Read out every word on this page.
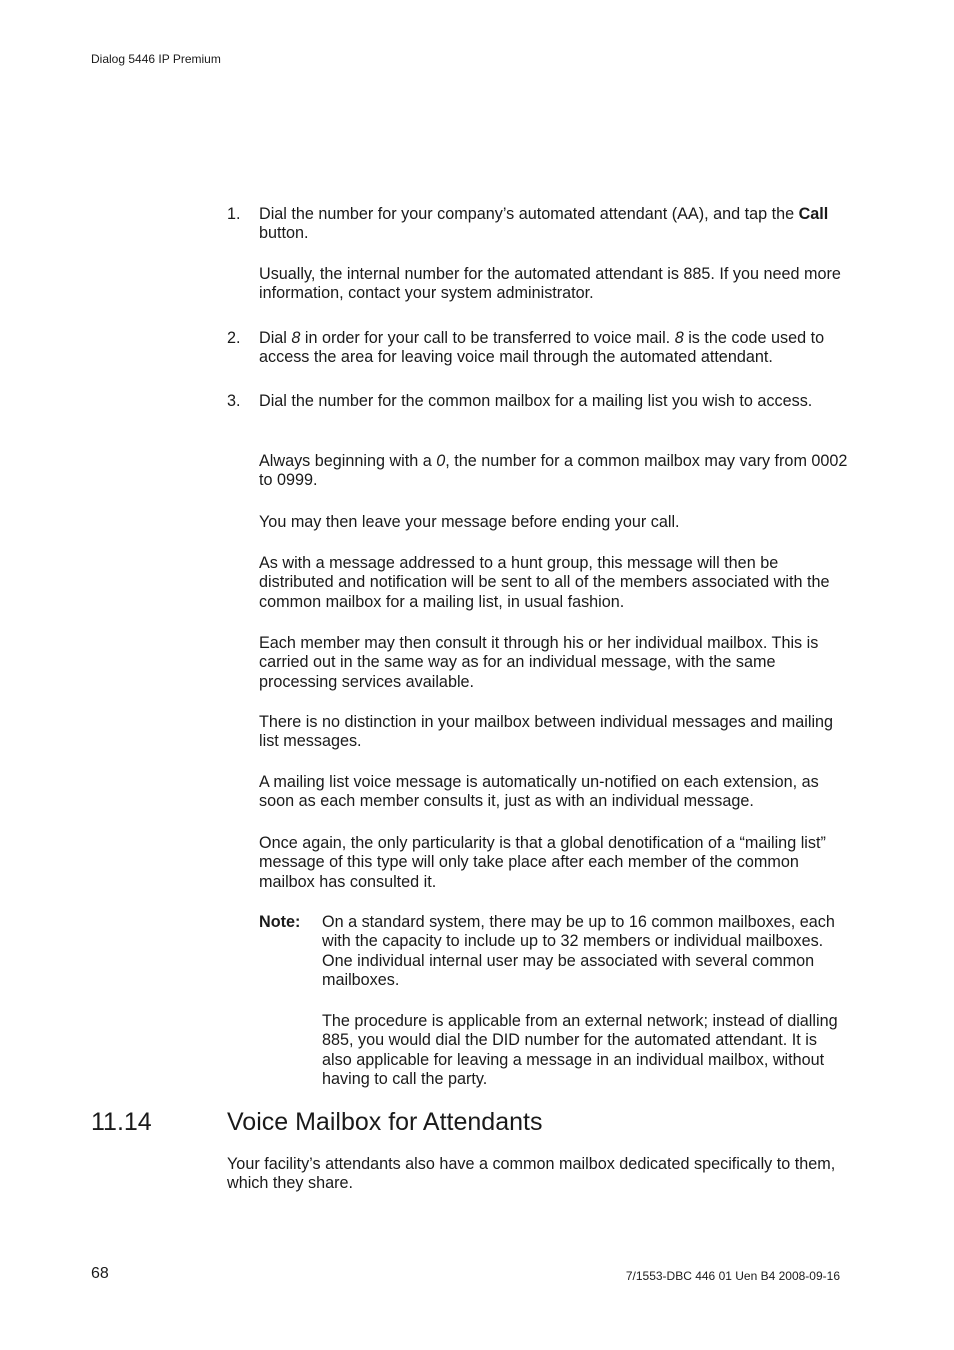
Dialog 5446 IP Premium
1. Dial the number for your company’s automated attendant (AA), and tap the Call button.

Usually, the internal number for the automated attendant is 885. If you need more information, contact your system administrator.

2. Dial 8 in order for your call to be transferred to voice mail. 8 is the code used to access the area for leaving voice mail through the automated attendant.

3. Dial the number for the common mailbox for a mailing list you wish to access.

Always beginning with a 0, the number for a common mailbox may vary from 0002 to 0999.

You may then leave your message before ending your call.

As with a message addressed to a hunt group, this message will then be distributed and notification will be sent to all of the members associated with the common mailbox for a mailing list, in usual fashion.

Each member may then consult it through his or her individual mailbox. This is carried out in the same way as for an individual message, with the same processing services available.

There is no distinction in your mailbox between individual messages and mailing list messages.

A mailing list voice message is automatically un-notified on each extension, as soon as each member consults it, just as with an individual message.

Once again, the only particularity is that a global denotification of a “mailing list” message of this type will only take place after each member of the common mailbox has consulted it.

Note: On a standard system, there may be up to 16 common mailboxes, each with the capacity to include up to 32 members or individual mailboxes. One individual internal user may be associated with several common mailboxes.

The procedure is applicable from an external network; instead of dialling 885, you would dial the DID number for the automated attendant. It is also applicable for leaving a message in an individual mailbox, without having to call the party.

11.14	Voice Mailbox for Attendants

Your facility’s attendants also have a common mailbox dedicated specifically to them, which they share.

68	7/1553-DBC 446 01 Uen B4 2008-09-16
